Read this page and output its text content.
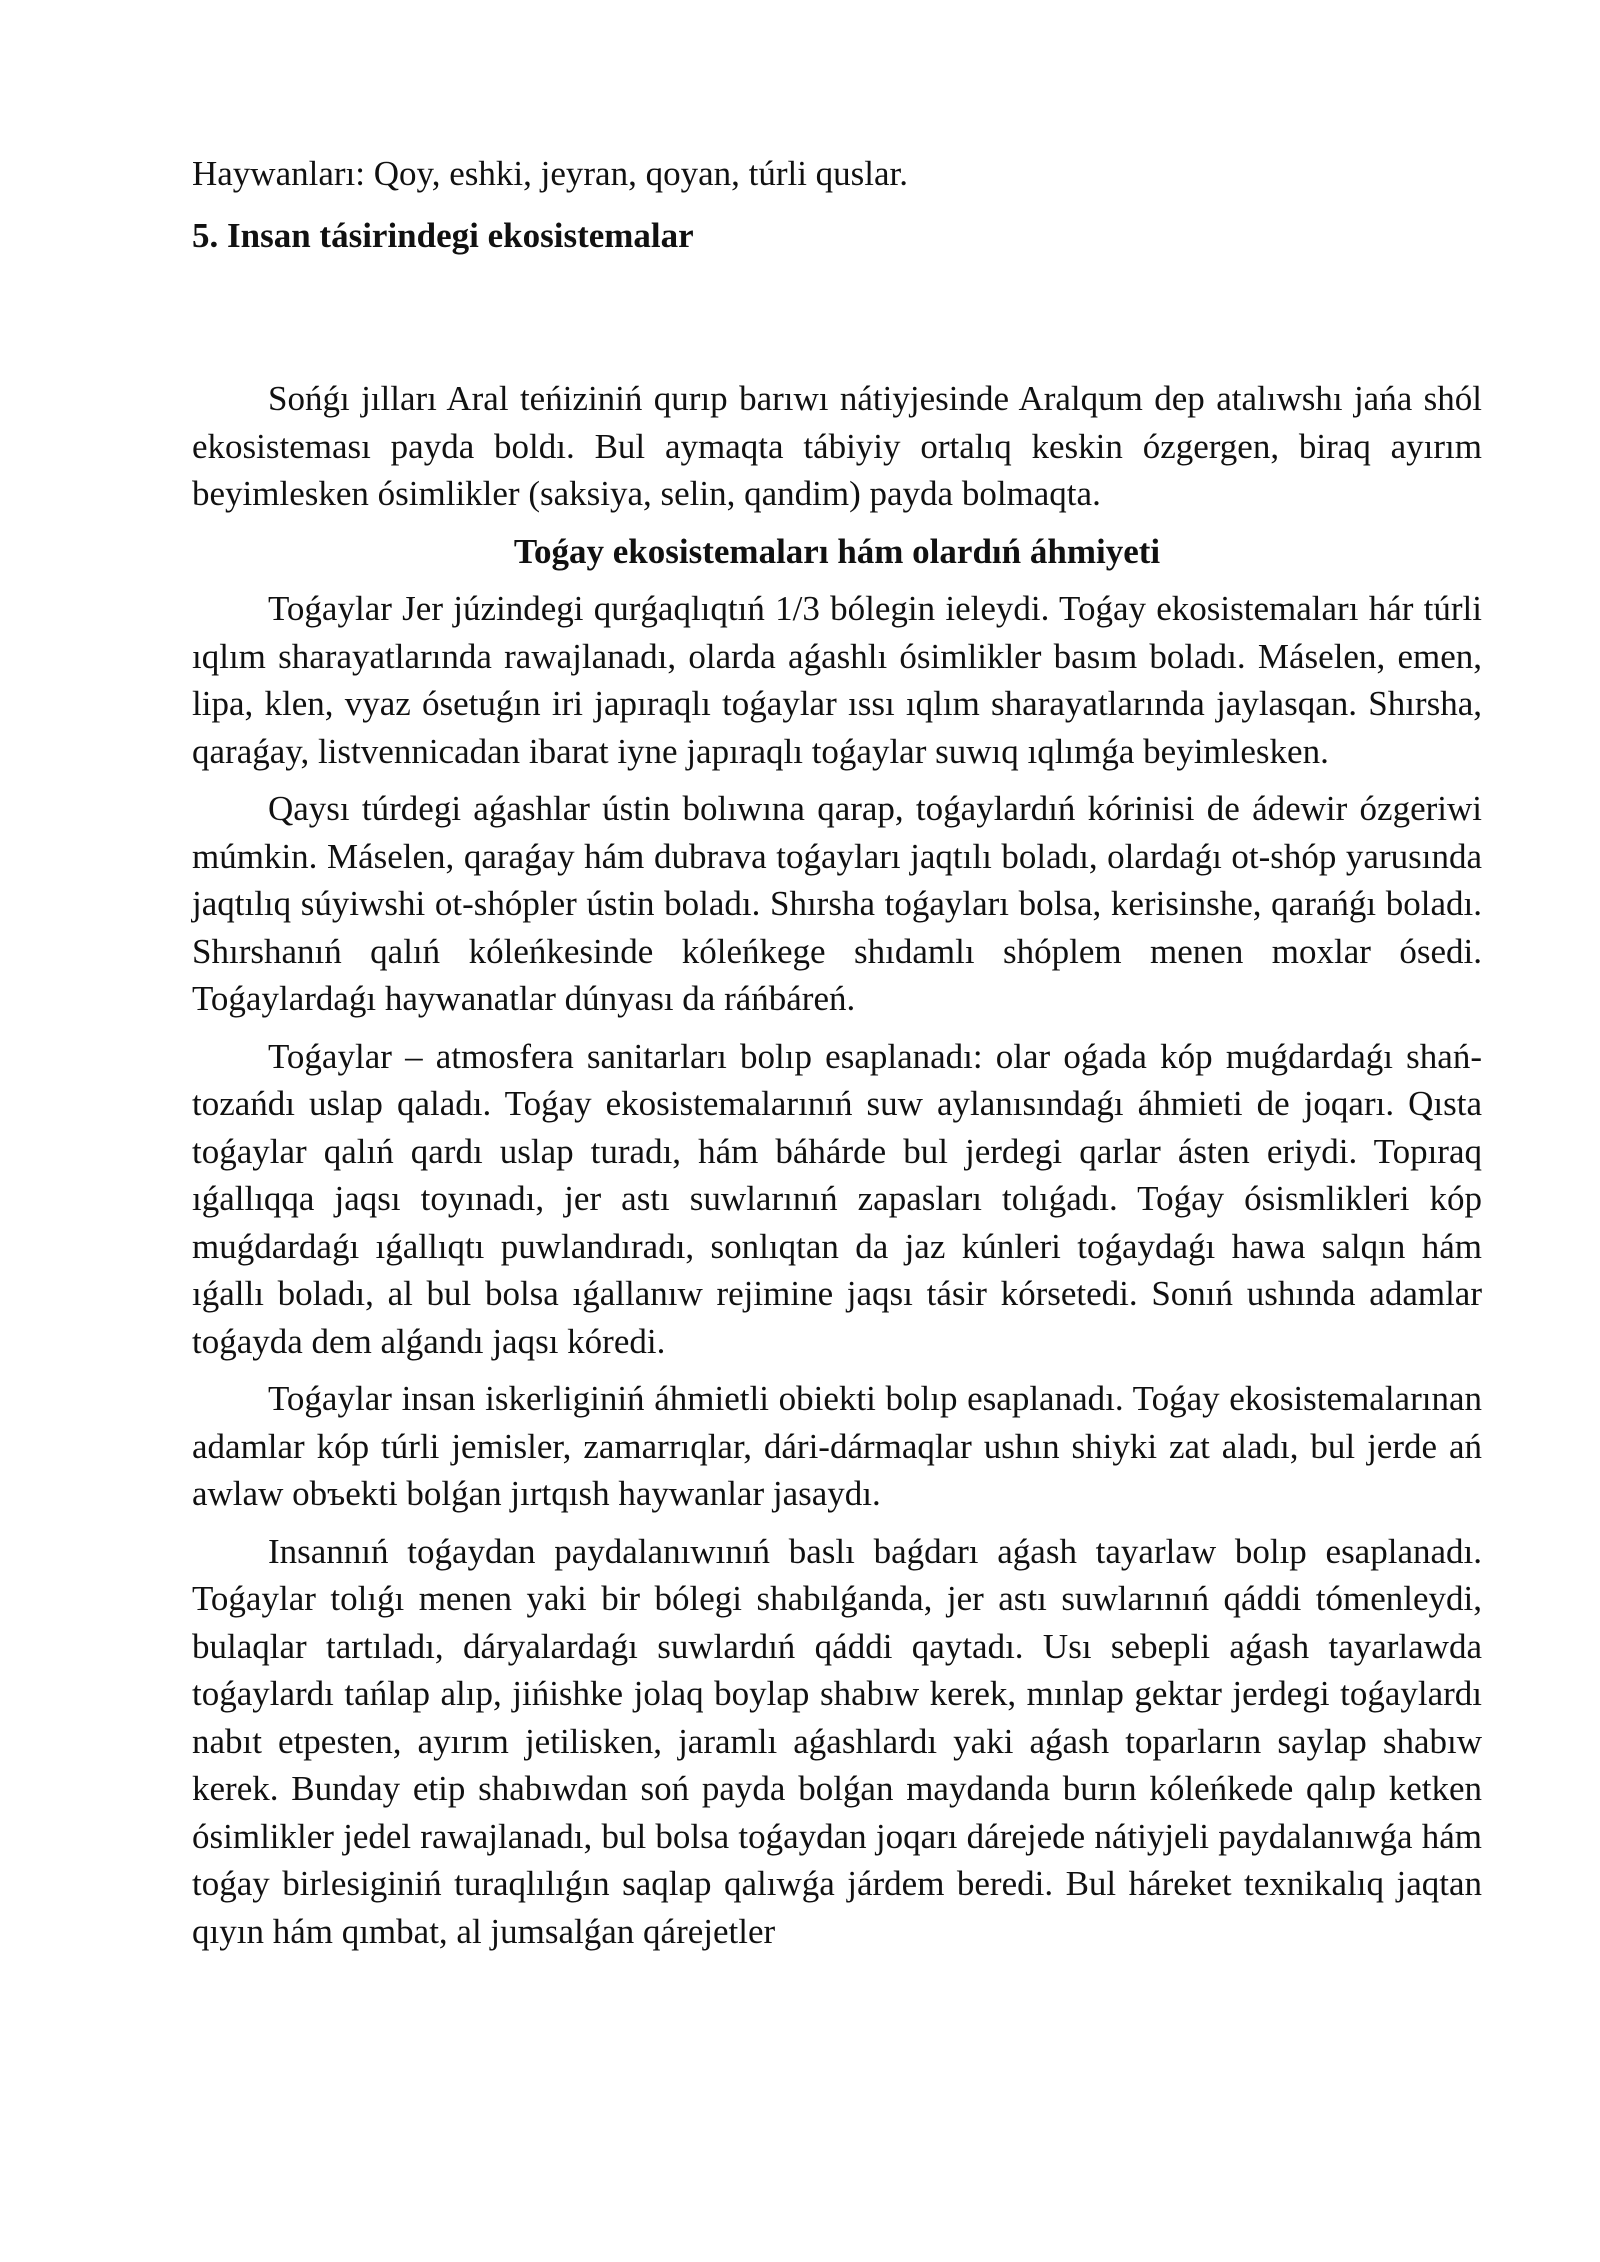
Haywanları: Qoy, eshki, jeyran, qoyan, túrli quslar.

5. Insan tásirindegi ekosistemalar

Sońǵı jılları Aral teńiziniń qurıp barıwı nátiyjesinde Aralqum dep atalıwshı jańa shól ekosisteması payda boldı. Bul aymaqta tábiyiy ortalıq keskin ózgergen, biraq ayırım beyimlesken ósimlikler (saksiya, selin, qandim) payda bolmaqta.

Toǵay ekosistemaları hám olardıń áhmiyeti

Toǵaylar Jer júzindegi qurǵaqlıqtıń 1/3 bólegin ieleydi. Toǵay ekosistemaları hár túrli ıqlım sharayatlarında rawajlanadı, olarda aǵashlı ósimlikler basım boladı. Máselen, emen, lipa, klen, vyaz ósetuǵın iri japıraqlı toǵaylar ıssı ıqlım sharayatlarında jaylasqan. Shırsha, qaraǵay, listvennicadan ibarat iyne japıraqlı toǵaylar suwıq ıqlımǵa beyimlesken.

Qaysı túrdegi aǵashlar ústin bolıwına qarap, toǵaylardıń kórinisi de ádewir ózgeriwi múmkin. Máselen, qaraǵay hám dubrava toǵayları jaqtılı boladı, olardaǵı ot-shóp yarusında jaqtılıq súyiwshi ot-shópler ústin boladı. Shırsha toǵayları bolsa, kerisinshe, qarańǵı boladı. Shırshanıń qalıń kóleńkesinde kóleńkege shıdamlı shóplem menen moxlar ósedi. Toǵaylardaǵı haywanatlar dúnyası da ráńbáreń.

Toǵaylar – atmosfera sanitarları bolıp esaplanadı: olar oǵada kóp muǵdardaǵı shań-tozańdı uslap qaladı. Toǵay ekosistemalarınıń suw aylanısındaǵı áhmieti de joqarı. Qısta toǵaylar qalıń qardı uslap turadı, hám báhárde bul jerdegi qarlar ásten eriydi. Topıraq ıǵallıqqa jaqsı toyınadı, jer astı suwlarınıń zapasları tolıǵadı. Toǵay ósismlikleri kóp muǵdardaǵı ıǵallıqtı puwlandıradı, sonlıqtan da jaz kúnleri toǵaydaǵı hawa salqın hám ıǵallı boladı, al bul bolsa ıǵallanıw rejimine jaqsı tásir kórsetedi. Sonıń ushında adamlar toǵayda dem alǵandı jaqsı kóredi.

Toǵaylar insan iskerliginiń áhmietli obiekti bolıp esaplanadı. Toǵay ekosistemalarınan adamlar kóp túrli jemisler, zamarrıqlar, dári-dármaqlar ushın shiyki zat aladı, bul jerde ań awlaw obъekti bolǵan jırtqısh haywanlar jasaydı.

Insannıń toǵaydan paydalanıwınıń baslı baǵdarı aǵash tayarlaw bolıp esaplanadı. Toǵaylar tolıǵı menen yaki bir bólegi shabılǵanda, jer astı suwlarınıń qáddi tómenleydi, bulaqlar tartıladı, dáryalardaǵı suwlardıń qáddi qaytadı. Usı sebepli aǵash tayarlawda toǵaylardı tańlap alıp, jińishke jolaq boylap shabıw kerek, mınlap gektar jerdegi toǵaylardı nabıt etpesten, ayırım jetilisken, jaramlı aǵashlardı yaki aǵash toparların saylap shabıw kerek. Bunday etip shabıwdan soń payda bolǵan maydanda burın kóleńkede qalıp ketken ósimlikler jedel rawajlanadı, bul bolsa toǵaydan joqarı dárejede nátiyjeli paydalanıwǵa hám toǵay birlesiginiń turaqlılıǵın saqlap qalıwǵa járdem beredi. Bul háreket texnikalıq jaqtan qıyın hám qımbat, al jumsalǵan qárejetler
